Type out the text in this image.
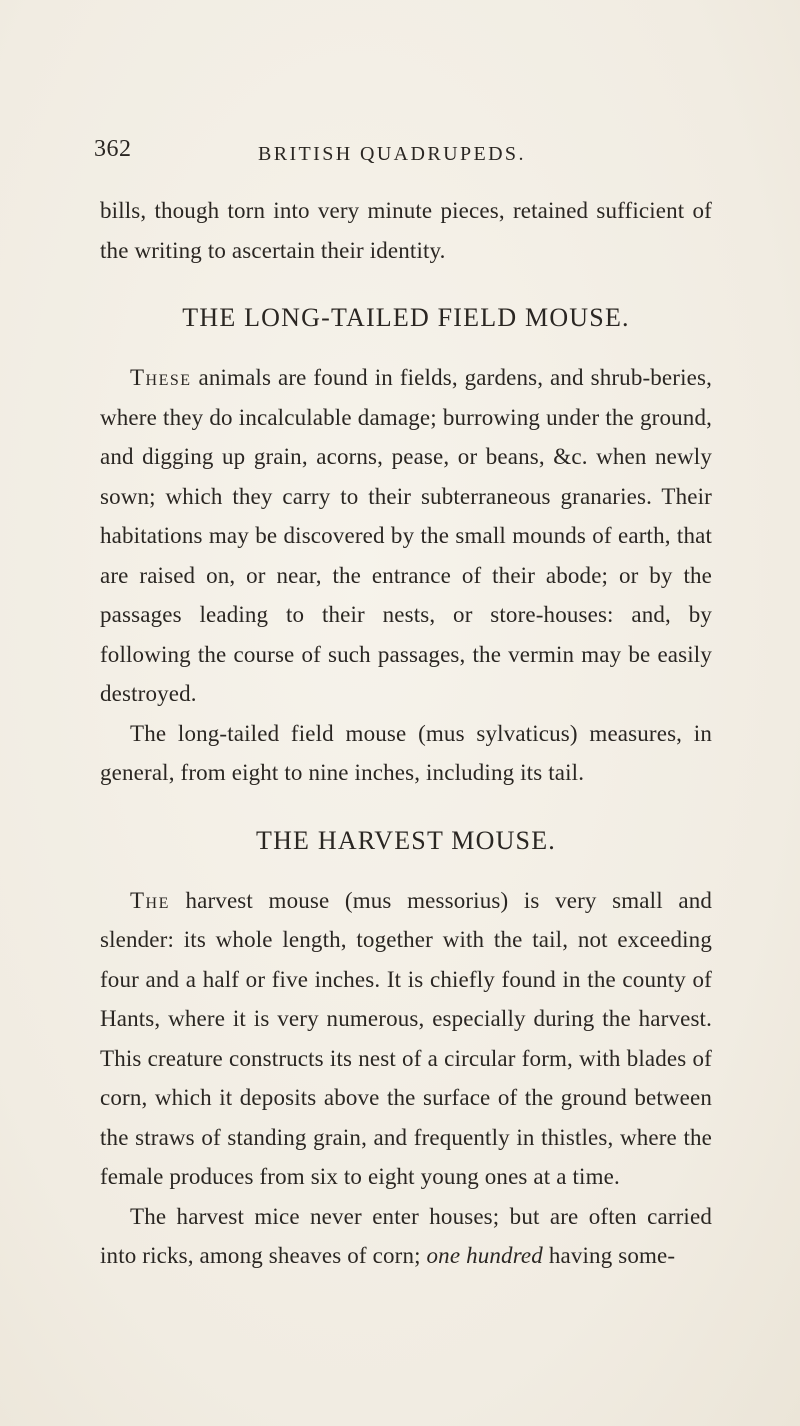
362	BRITISH QUADRUPEDS.

bills, though torn into very minute pieces, retained sufficient of the writing to ascertain their identity.

THE LONG-TAILED FIELD MOUSE.

These animals are found in fields, gardens, and shrub-beries, where they do incalculable damage; burrowing under the ground, and digging up grain, acorns, pease, or beans, &c. when newly sown; which they carry to their subterraneous granaries. Their habitations may be discovered by the small mounds of earth, that are raised on, or near, the entrance of their abode; or by the passages leading to their nests, or store-houses: and, by following the course of such passages, the vermin may be easily destroyed.

The long-tailed field mouse (mus sylvaticus) measures, in general, from eight to nine inches, including its tail.

THE HARVEST MOUSE.

The harvest mouse (mus messorius) is very small and slender: its whole length, together with the tail, not exceeding four and a half or five inches. It is chiefly found in the county of Hants, where it is very numerous, especially during the harvest. This creature constructs its nest of a circular form, with blades of corn, which it deposits above the surface of the ground between the straws of standing grain, and frequently in thistles, where the female produces from six to eight young ones at a time.

The harvest mice never enter houses; but are often carried into ricks, among sheaves of corn; one hundred having some-
